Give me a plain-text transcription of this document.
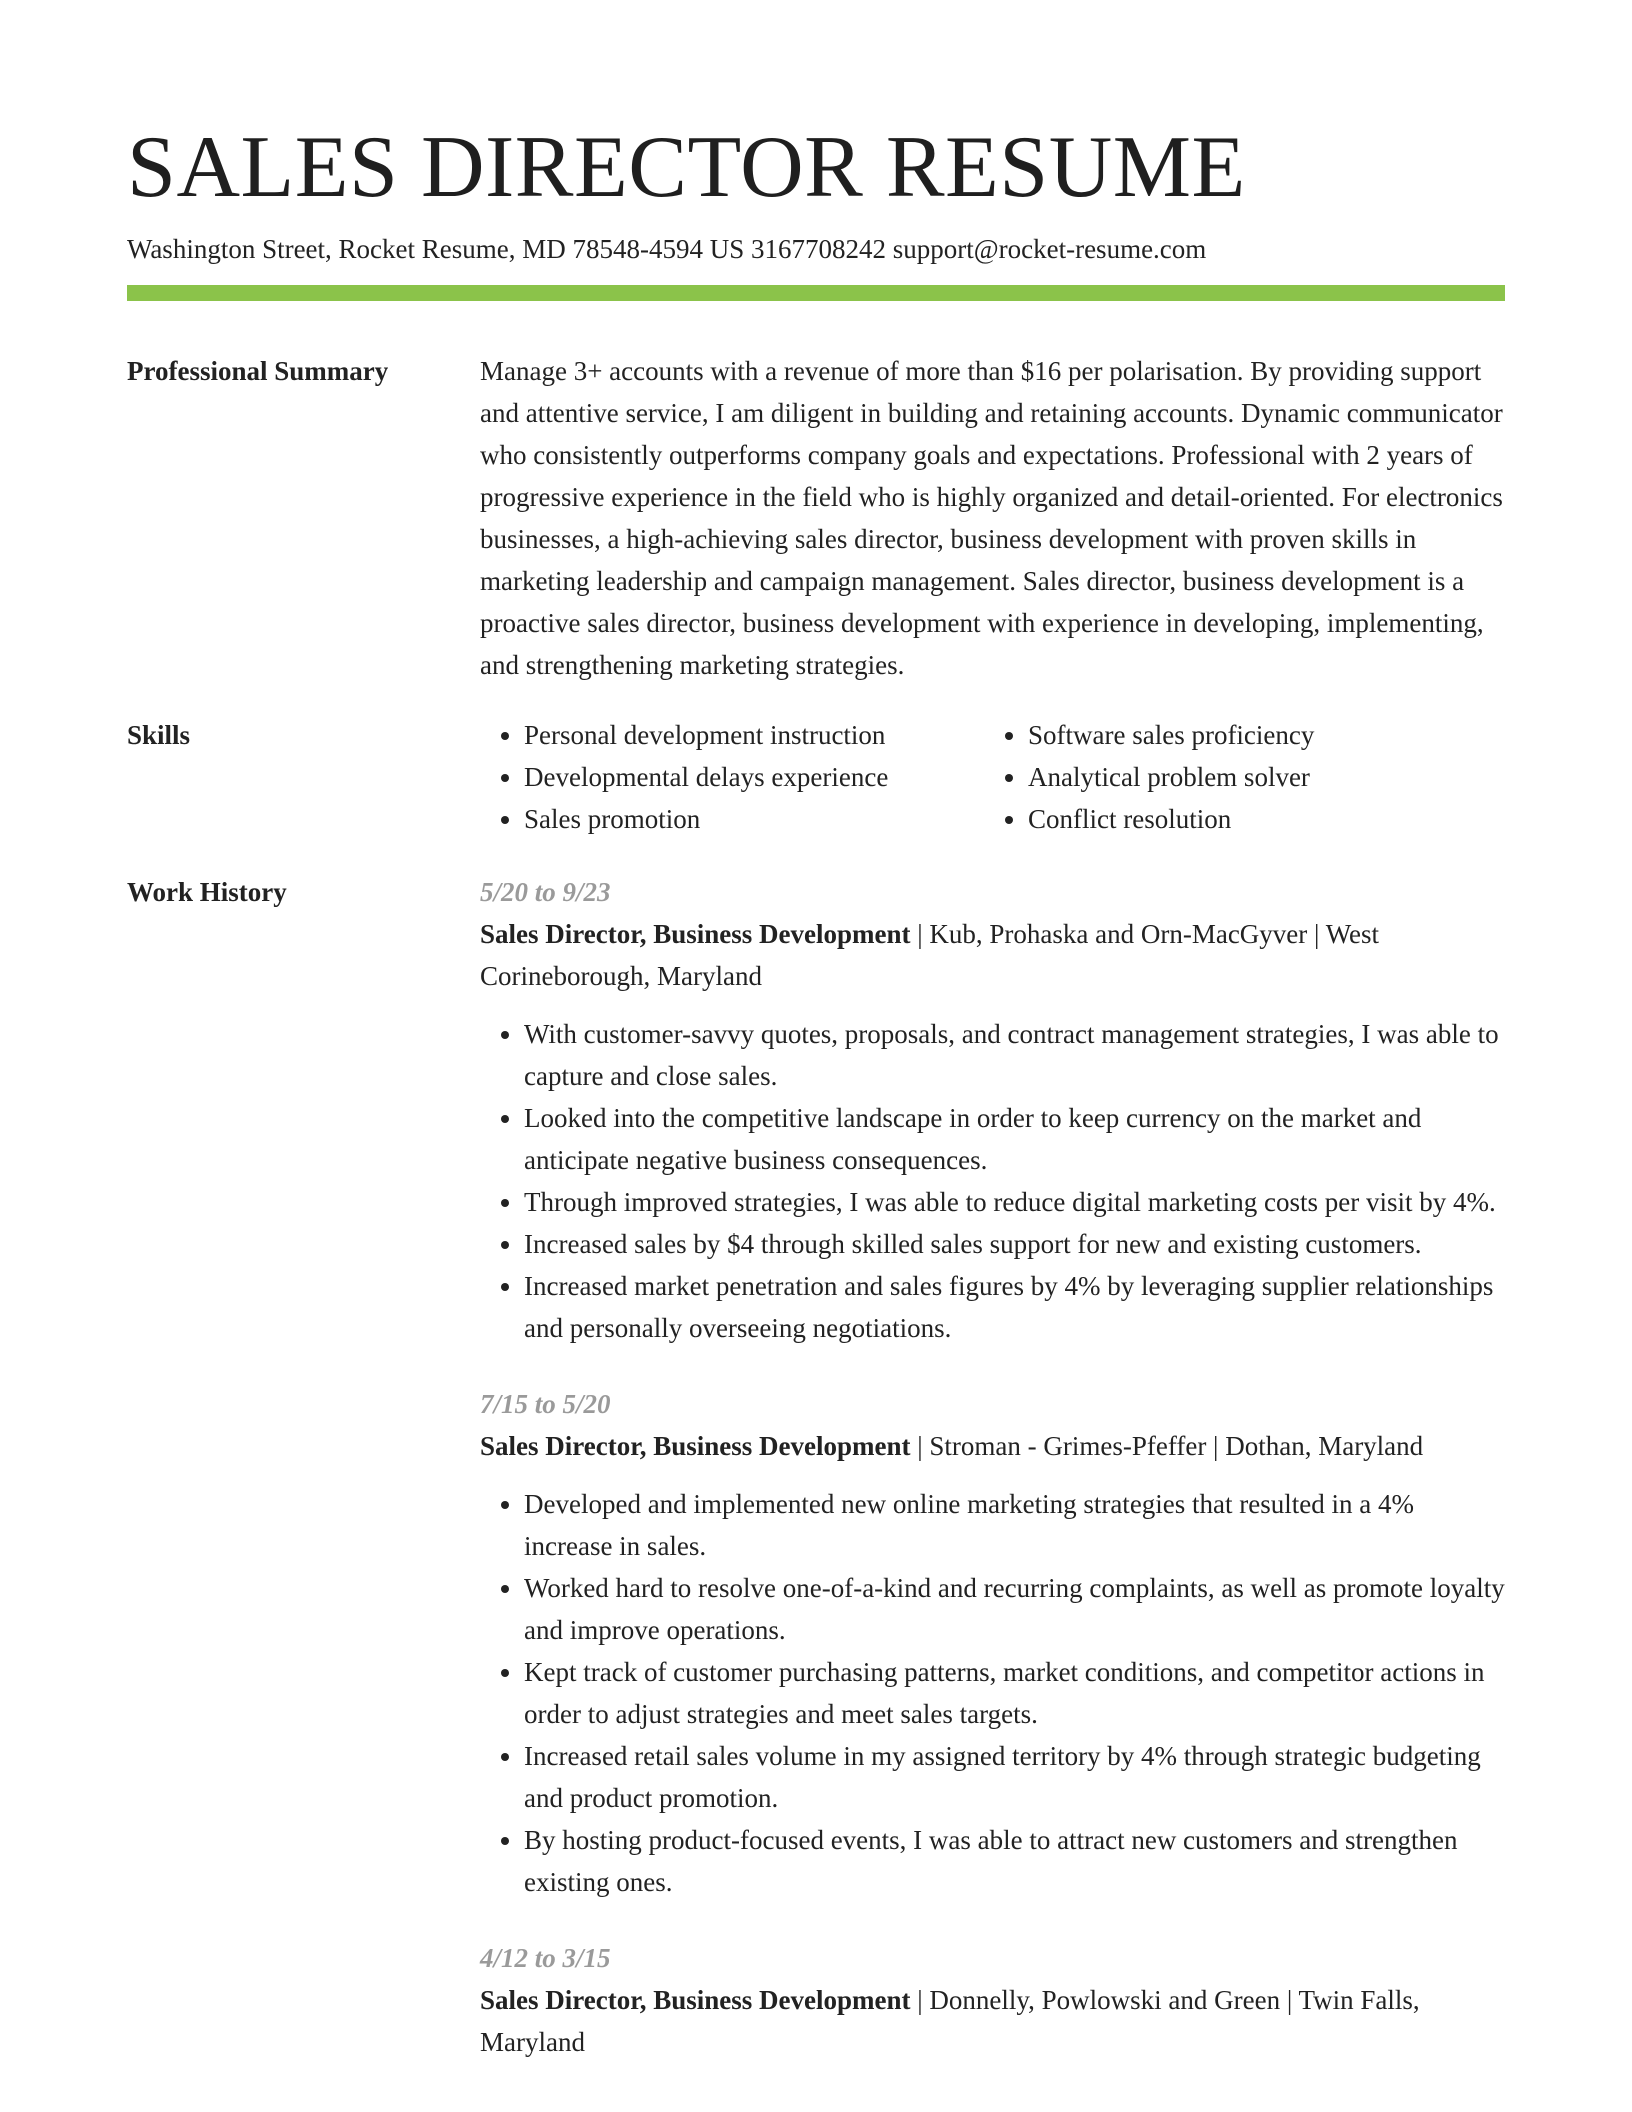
SALES DIRECTOR RESUME
Washington Street, Rocket Resume, MD 78548-4594 US 3167708242 support@rocket-resume.com
Professional Summary	Manage 3+ accounts with a revenue of more than $16 per polarisation. By providing support and attentive service, I am diligent in building and retaining accounts. Dynamic communicator who consistently outperforms company goals and expectations. Professional with 2 years of progressive experience in the field who is highly organized and detail-oriented. For electronics businesses, a high-achieving sales director, business development with proven skills in marketing leadership and campaign management. Sales director, business development is a proactive sales director, business development with experience in developing, implementing, and strengthening marketing strategies.

Skills
•	Personal development instruction
• Developmental delays experience
• Sales promotion
• Software sales proficiency
• Analytical problem solver
• Conflict resolution
Work History	5/20 to 9/23
Sales Director, Business Development | Kub, Prohaska and Orn-MacGyver | West Corineborough, Maryland
• With customer-savvy quotes, proposals, and contract management strategies, I was able to capture and close sales.
• Looked into the competitive landscape in order to keep currency on the market and anticipate negative business consequences.
• Through improved strategies, I was able to reduce digital marketing costs per visit by 4%.
• Increased sales by $4 through skilled sales support for new and existing customers.
• Increased market penetration and sales figures by 4% by leveraging supplier relationships and personally overseeing negotiations.
7/15 to 5/20
Sales Director, Business Development | Stroman - Grimes-Pfeffer | Dothan, Maryland
• Developed and implemented new online marketing strategies that resulted in a 4% increase in sales.
• Worked hard to resolve one-of-a-kind and recurring complaints, as well as promote loyalty and improve operations.
• Kept track of customer purchasing patterns, market conditions, and competitor actions in order to adjust strategies and meet sales targets.
• Increased retail sales volume in my assigned territory by 4% through strategic budgeting and product promotion.
• By hosting product-focused events, I was able to attract new customers and strengthen existing ones.
4/12 to 3/15
Sales Director, Business Development | Donnelly, Powlowski and Green | Twin Falls, Maryland
